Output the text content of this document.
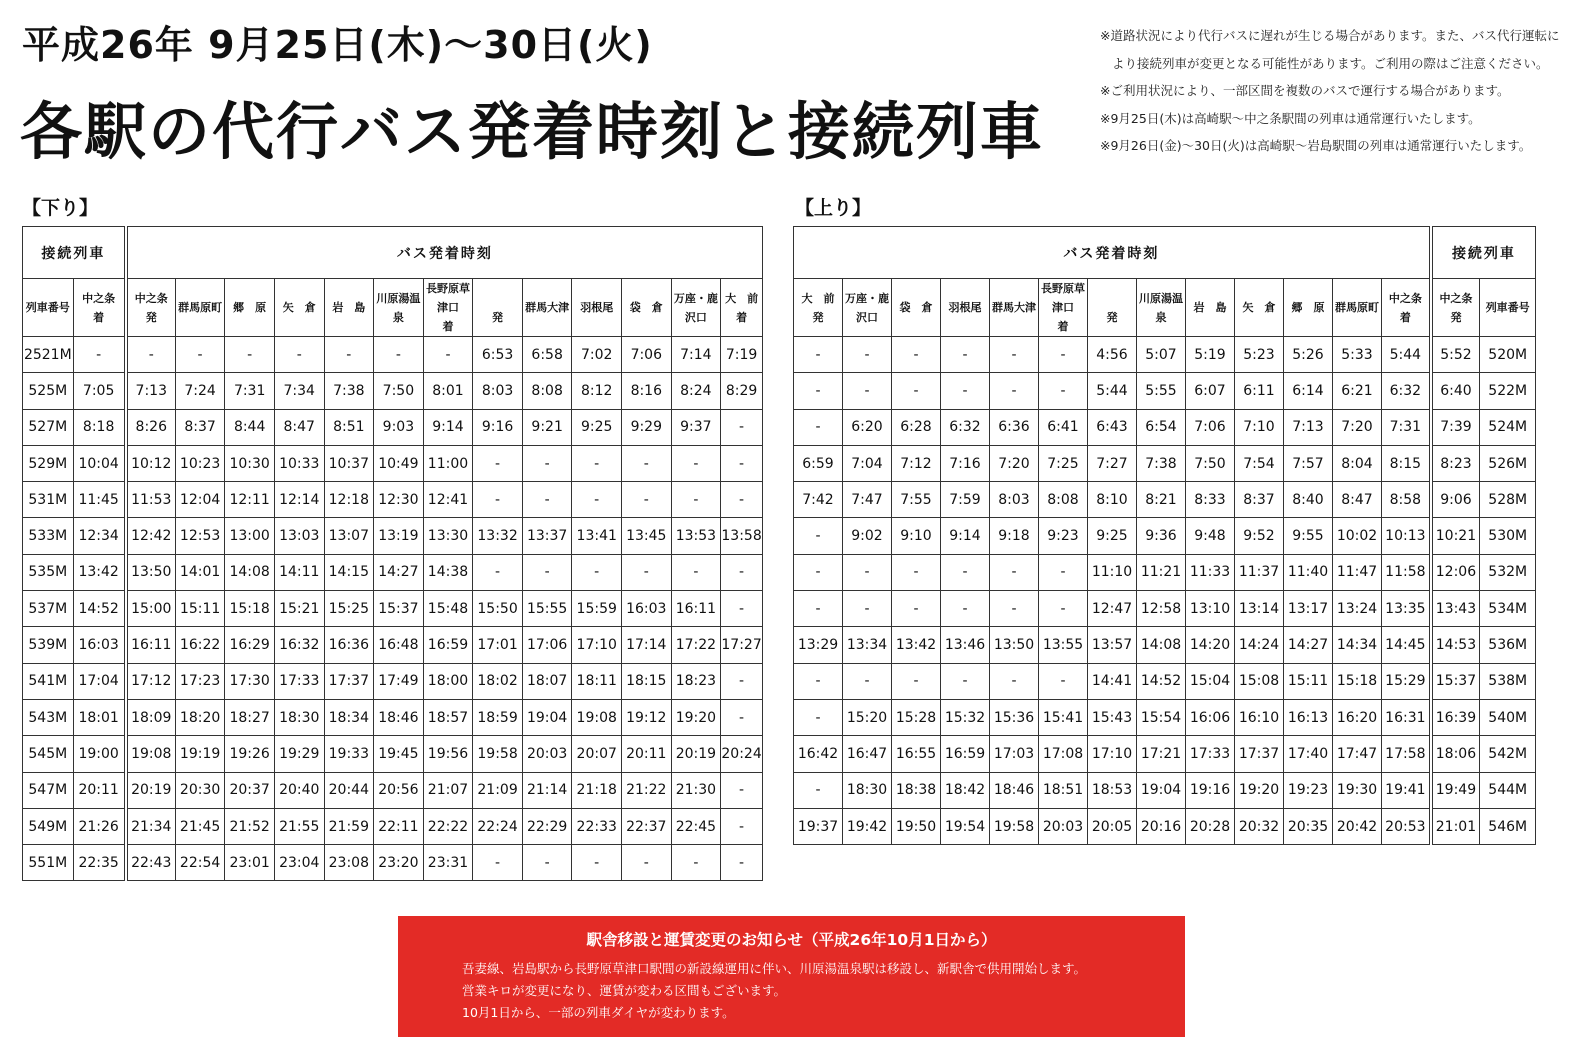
平成26年 9月25日(木)～30日(火)
各駅の代行バス発着時刻と接続列車
※道路状況により代行バスに遅れが生じる場合があります。また、バス代行運転に
より接続列車が変更となる可能性があります。ご利用の際はご注意ください。
※ご利用状況により、一部区間を複数のバスで運行する場合があります。
※9月25日(木)は高崎駅～中之条駅間の列車は通常運行いたします。
※9月26日(金)～30日(火)は高崎駅～岩島駅間の列車は通常運行いたします。
【下り】	【上り】
接続列車		バス発着時刻												
列車番号	中之条
着	中之条
発	群馬原町	郷　原	矢　倉	岩　島	川原湯温泉	長野原草津口
着	
発	群馬大津	羽根尾	袋　倉	万座・鹿沢口	大　前
着
2521M	-	-	-	-	-	-	-	-	6:53	6:58	7:02	7:06	7:14	7:19
525M	7:05	7:13	7:24	7:31	7:34	7:38	7:50	8:01	8:03	8:08	8:12	8:16	8:24	8:29
527M	8:18	8:26	8:37	8:44	8:47	8:51	9:03	9:14	9:16	9:21	9:25	9:29	9:37	-
529M	10:04	10:12	10:23	10:30	10:33	10:37	10:49	11:00	-	-	-	-	-	-
531M	11:45	11:53	12:04	12:11	12:14	12:18	12:30	12:41	-	-	-	-	-	-
533M	12:34	12:42	12:53	13:00	13:03	13:07	13:19	13:30	13:32	13:37	13:41	13:45	13:53	13:58
535M	13:42	13:50	14:01	14:08	14:11	14:15	14:27	14:38	-	-	-	-	-	-
537M	14:52	15:00	15:11	15:18	15:21	15:25	15:37	15:48	15:50	15:55	15:59	16:03	16:11	-
539M	16:03	16:11	16:22	16:29	16:32	16:36	16:48	16:59	17:01	17:06	17:10	17:14	17:22	17:27
541M	17:04	17:12	17:23	17:30	17:33	17:37	17:49	18:00	18:02	18:07	18:11	18:15	18:23	-
543M	18:01	18:09	18:20	18:27	18:30	18:34	18:46	18:57	18:59	19:04	19:08	19:12	19:20	-
545M	19:00	19:08	19:19	19:26	19:29	19:33	19:45	19:56	19:58	20:03	20:07	20:11	20:19	20:24
547M	20:11	20:19	20:30	20:37	20:40	20:44	20:56	21:07	21:09	21:14	21:18	21:22	21:30	-
549M	21:26	21:34	21:45	21:52	21:55	21:59	22:11	22:22	22:24	22:29	22:33	22:37	22:45	-
551M	22:35	22:43	22:54	23:01	23:04	23:08	23:20	23:31	-	-	-	-	-	-
バス発着時刻													接続列車	
大　前
発	万座・鹿沢口	袋　倉	羽根尾	群馬大津	長野原草津口
着	
発	川原湯温泉	岩　島	矢　倉	郷　原	群馬原町	中之条
着	中之条
発	列車番号
-	-	-	-	-	-	4:56	5:07	5:19	5:23	5:26	5:33	5:44	5:52	520M
-	-	-	-	-	-	5:44	5:55	6:07	6:11	6:14	6:21	6:32	6:40	522M
-	6:20	6:28	6:32	6:36	6:41	6:43	6:54	7:06	7:10	7:13	7:20	7:31	7:39	524M
6:59	7:04	7:12	7:16	7:20	7:25	7:27	7:38	7:50	7:54	7:57	8:04	8:15	8:23	526M
7:42	7:47	7:55	7:59	8:03	8:08	8:10	8:21	8:33	8:37	8:40	8:47	8:58	9:06	528M
-	9:02	9:10	9:14	9:18	9:23	9:25	9:36	9:48	9:52	9:55	10:02	10:13	10:21	530M
-	-	-	-	-	-	11:10	11:21	11:33	11:37	11:40	11:47	11:58	12:06	532M
-	-	-	-	-	-	12:47	12:58	13:10	13:14	13:17	13:24	13:35	13:43	534M
13:29	13:34	13:42	13:46	13:50	13:55	13:57	14:08	14:20	14:24	14:27	14:34	14:45	14:53	536M
-	-	-	-	-	-	14:41	14:52	15:04	15:08	15:11	15:18	15:29	15:37	538M
-	15:20	15:28	15:32	15:36	15:41	15:43	15:54	16:06	16:10	16:13	16:20	16:31	16:39	540M
16:42	16:47	16:55	16:59	17:03	17:08	17:10	17:21	17:33	17:37	17:40	17:47	17:58	18:06	542M
-	18:30	18:38	18:42	18:46	18:51	18:53	19:04	19:16	19:20	19:23	19:30	19:41	19:49	544M
19:37	19:42	19:50	19:54	19:58	20:03	20:05	20:16	20:28	20:32	20:35	20:42	20:53	21:01	546M
駅舎移設と運賃変更のお知らせ（平成26年10月1日から）
吾妻線、岩島駅から長野原草津口駅間の新設線運用に伴い、川原湯温泉駅は移設し、新駅舎で供用開始します。
営業キロが変更になり、運賃が変わる区間もございます。
10月1日から、一部の列車ダイヤが変わります。
